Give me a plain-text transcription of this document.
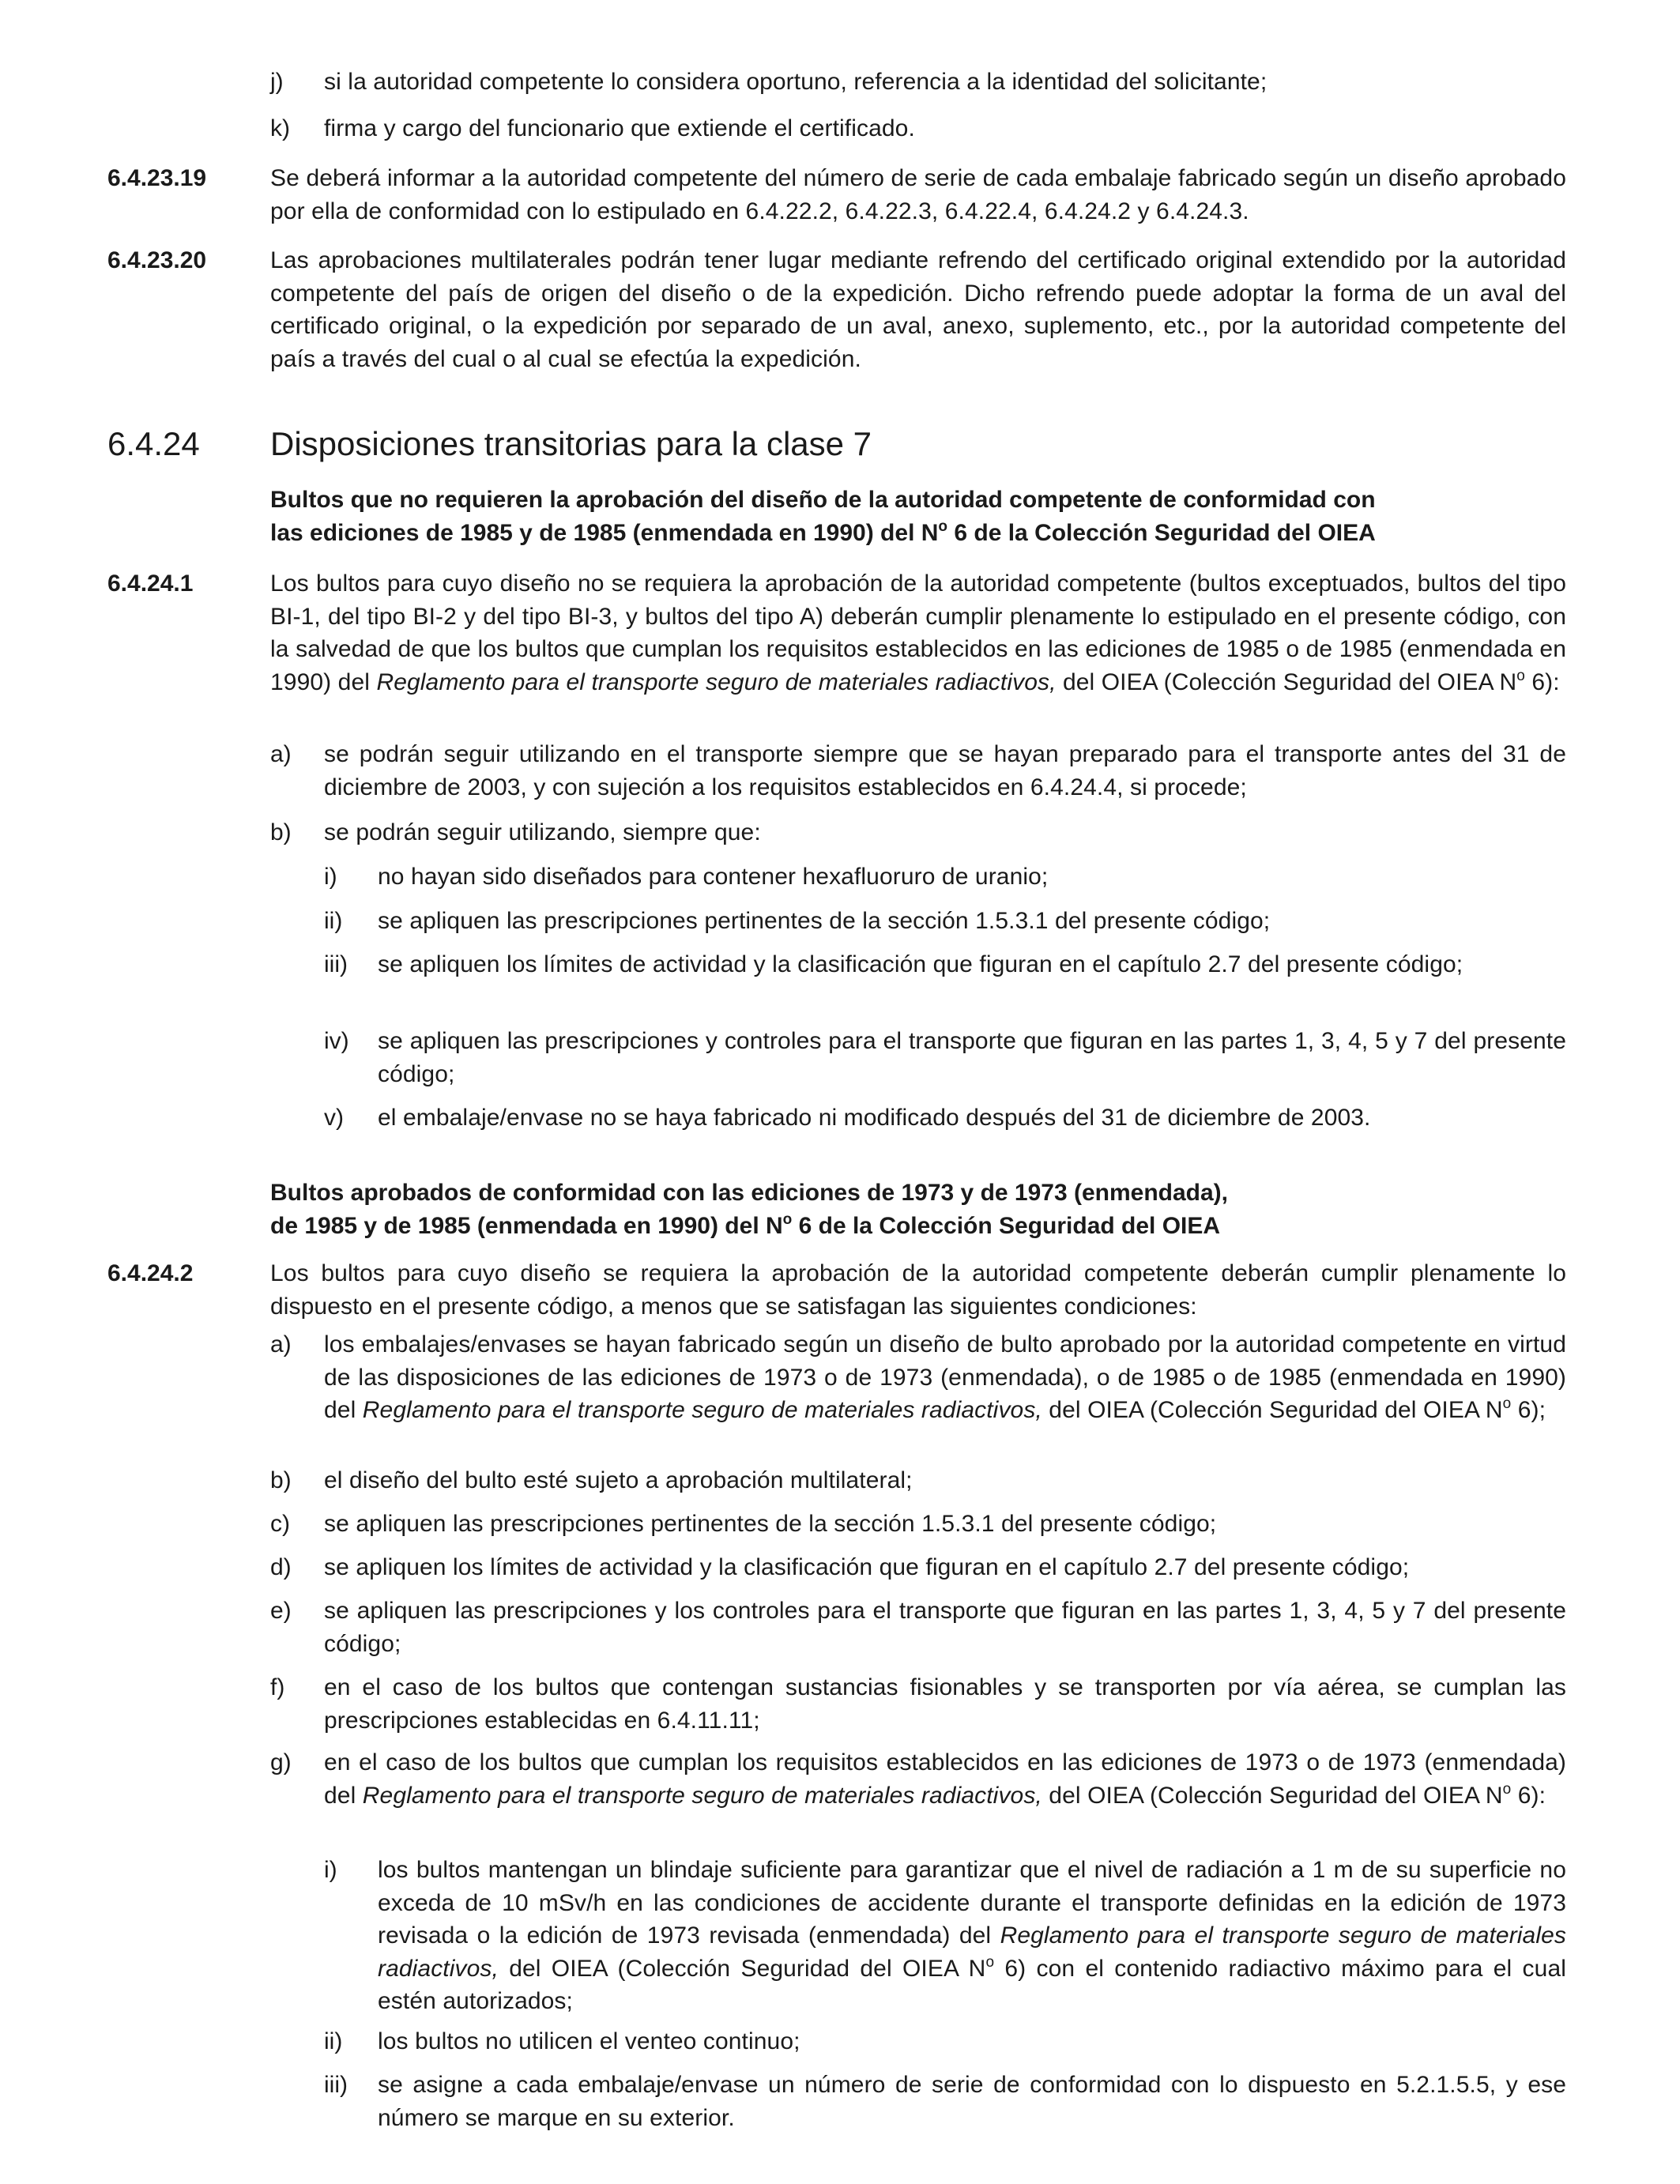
j) si la autoridad competente lo considera oportuno, referencia a la identidad del solicitante;
k) firma y cargo del funcionario que extiende el certificado.
6.4.23.19	Se deberá informar a la autoridad competente del número de serie de cada embalaje fabricado según un diseño aprobado por ella de conformidad con lo estipulado en 6.4.22.2, 6.4.22.3, 6.4.22.4, 6.4.24.2 y 6.4.24.3.
6.4.23.20	Las aprobaciones multilaterales podrán tener lugar mediante refrendo del certificado original extendido por la autoridad competente del país de origen del diseño o de la expedición. Dicho refrendo puede adoptar la forma de un aval del certificado original, o la expedición por separado de un aval, anexo, suplemento, etc., por la autoridad competente del país a través del cual o al cual se efectúa la expedición.
6.4.24 Disposiciones transitorias para la clase 7
Bultos que no requieren la aprobación del diseño de la autoridad competente de conformidad con
las ediciones de 1985 y de 1985 (enmendada en 1990) del $N^o$ 6 de la Colección Seguridad del OIEA
6.4.24.1	Los bultos para cuyo diseño no se requiera la aprobación de la autoridad competente (bultos exceptuados, bultos del tipo BI-1, del tipo BI-2 y del tipo BI-3, y bultos del tipo A) deberán cumplir plenamente lo estipulado en el presente código, con la salvedad de que los bultos que cumplan los requisitos establecidos en las ediciones de 1985 o de 1985 (enmendada en 1990) del Reglamento para el transporte seguro de materiales radiactivos, del OIEA (Colección Seguridad del OIEA $N^o$ 6):
a) se podrán seguir utilizando en el transporte siempre que se hayan preparado para el transporte antes del 31 de diciembre de 2003, y con sujeción a los requisitos establecidos en 6.4.24.4, si procede;
b) se podrán seguir utilizando, siempre que:
i) no hayan sido diseñados para contener hexafluoruro de uranio;
ii) se apliquen las prescripciones pertinentes de la sección 1.5.3.1 del presente código;
iii) se apliquen los límites de actividad y la clasificación que figuran en el capítulo 2.7 del presente código;
iv) se apliquen las prescripciones y controles para el transporte que figuran en las partes 1, 3, 4, 5 y 7 del presente código;
v) el embalaje/envase no se haya fabricado ni modificado después del 31 de diciembre de 2003.
Bultos aprobados de conformidad con las ediciones de 1973 y de 1973 (enmendada),
de 1985 y de 1985 (enmendada en 1990) del $N^o$ 6 de la Colección Seguridad del OIEA
6.4.24.2	Los bultos para cuyo diseño se requiera la aprobación de la autoridad competente deberán cumplir plenamente lo dispuesto en el presente código, a menos que se satisfagan las siguientes condiciones:
a) los embalajes/envases se hayan fabricado según un diseño de bulto aprobado por la autoridad competente en virtud de las disposiciones de las ediciones de 1973 o de 1973 (enmendada), o de 1985 o de 1985 (enmendada en 1990) del Reglamento para el transporte seguro de materiales radiactivos, del OIEA (Colección Seguridad del OIEA $N^o$ 6);
b) el diseño del bulto esté sujeto a aprobación multilateral;
c) se apliquen las prescripciones pertinentes de la sección 1.5.3.1 del presente código;
d) se apliquen los límites de actividad y la clasificación que figuran en el capítulo 2.7 del presente código;
e) se apliquen las prescripciones y los controles para el transporte que figuran en las partes 1, 3, 4, 5 y 7 del presente código;
f) en el caso de los bultos que contengan sustancias fisionables y se transporten por vía aérea, se cumplan las prescripciones establecidas en 6.4.11.11;
g) en el caso de los bultos que cumplan los requisitos establecidos en las ediciones de 1973 o de 1973 (enmendada) del Reglamento para el transporte seguro de materiales radiactivos, del OIEA (Colección Seguridad del OIEA $N^o$ 6):
i) los bultos mantengan un blindaje suficiente para garantizar que el nivel de radiación a 1 m de su superficie no exceda de 10 mSv/h en las condiciones de accidente durante el transporte definidas en la edición de 1973 revisada o la edición de 1973 revisada (enmendada) del Reglamento para el transporte seguro de materiales radiactivos, del OIEA (Colección Seguridad del OIEA $N^o$ 6) con el contenido radiactivo máximo para el cual estén autorizados;
ii) los bultos no utilicen el venteo continuo;
iii) se asigne a cada embalaje/envase un número de serie de conformidad con lo dispuesto en 5.2.1.5.5, y ese número se marque en su exterior.
